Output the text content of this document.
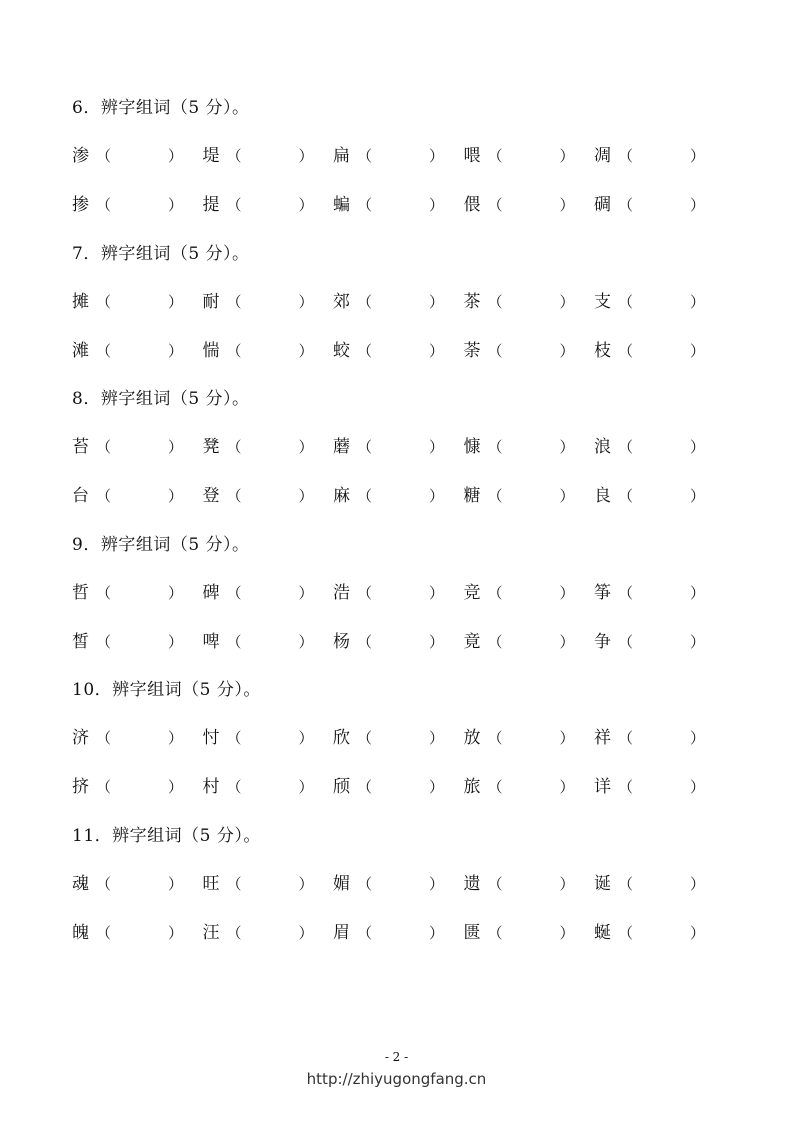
6．辨字组词（5 分）。
渗 （	） 堤 （	） 扁 （	） 喂 （	） 凋 （	）
掺 （	） 提 （	） 蝙 （	） 偎 （	） 碉 （	）
7．辨字组词（5 分）。
摊 （	） 耐 （	） 郊 （	） 茶 （	） 支 （	）
滩 （	） 惴 （	） 蛟 （	） 荼 （	） 枝 （	）
8．辨字组词（5 分）。
苔 （	） 凳 （	） 蘑 （	） 慷 （	） 浪 （	）
台 （	） 登 （	） 麻 （	） 糖 （	） 良 （	）
9．辨字组词（5 分）。
哲 （	） 碑 （	） 浩 （	） 竞 （	） 筝 （	）
皙 （	） 啤 （	） 杨 （	） 竟 （	） 争 （	）
10．辨字组词（5 分）。
济 （	） 忖 （	） 欣 （	） 放 （	） 祥 （	）
挤 （	） 村 （	） 颀 （	） 旅 （	） 详 （	）
11．辨字组词（5 分）。
魂 （	） 旺 （	） 媚 （	） 遗 （	） 诞 （	）
魄 （	） 汪 （	） 眉 （	） 匮 （	） 蜒 （	）
- 2 -
http://zhiyugongfang.cn
